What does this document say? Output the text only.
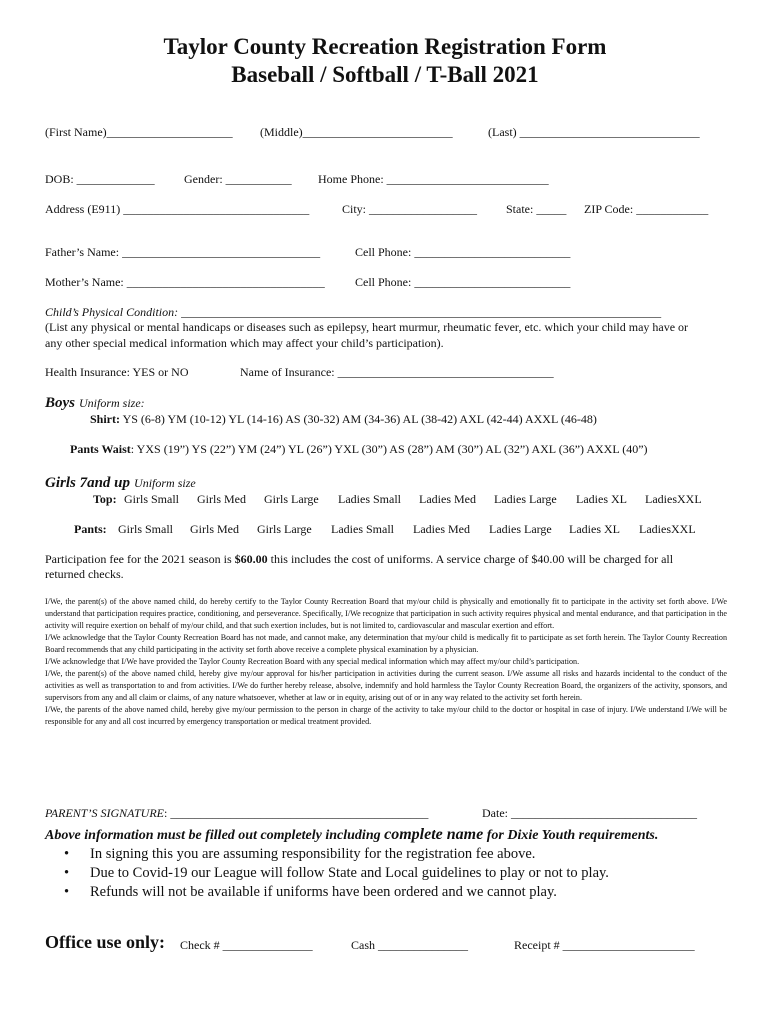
Taylor County Recreation Registration Form
Baseball / Softball / T-Ball 2021
(First Name)_____________________ (Middle)_________________________	(Last) ______________________________
DOB: _____________ Gender: ___________ Home Phone: ___________________________
Address (E911) _______________________________	City: __________________ State: _____ ZIP Code: ____________
Father’s Name: _________________________________	Cell Phone: __________________________
Mother’s Name: _________________________________	Cell Phone: __________________________
Child’s Physical Condition: ________________________________________________________________________________
(List any physical or mental handicaps or diseases such as epilepsy, heart murmur, rheumatic fever, etc. which your child may have or
any other special medical information which may affect your child’s participation).
Health Insurance: YES or NO	Name of Insurance: ____________________________________
Boys Uniform size:
Shirt: YS (6-8) YM (10-12) YL (14-16) AS (30-32) AM (34-36) AL (38-42) AXL (42-44) AXXL (46-48)
Pants Waist: YXS (19”) YS (22”) YM (24”) YL (26”) YXL (30”) AS (28”) AM (30”) AL (32”) AXL (36”) AXXL (40”)
Girls 7and up Uniform size
Top: Girls Small Girls Med Girls Large Ladies Small Ladies Med Ladies Large Ladies XL LadiesXXL
Pants: Girls Small Girls Med Girls Large Ladies Small Ladies Med Ladies Large Ladies XL LadiesXXL
Participation fee for the 2021 season is $60.00 this includes the cost of uniforms. A service charge of $40.00 will be charged for all
returned checks.

I/We, the parent(s) of the above named child, do hereby certify to the Taylor County Recreation Board that my/our child is physically and emotionally fit to participate in the activity set forth above. I/We understand that participation requires practice, conditioning, and perseverance. Specifically, I/We recognize that participation in such activity requires physical and mental endurance, and that participation in the activity will require exertion on behalf of my/our child, and that such exertion includes, but is not limited to, cardiovascular and mascular exertion and effort.

I/We acknowledge that the Taylor County Recreation Board has not made, and cannot make, any determination that my/our child is medically fit to participate as set forth herein. The Taylor County Recreation Board recommends that any child participating in the activity set forth above receive a complete physical examination by a physician.

I/We acknowledge that I/We have provided the Taylor County Recreation Board with any special medical information which may affect my/our child’s participation.

I/We, the parent(s) of the above named child, hereby give my/our approval for his/her participation in activities during the current season. I/We assume all risks and hazards incidental to the conduct of the activities as well as transportation to and from activities. I/We do further hereby release, absolve, indemnify and hold harmless the Taylor County Recreation Board, the organizers of the activity, sponsors, and supervisors from any and all claim or claims, of any nature whatsoever, whether at law or in equity, arising out of or in any way related to the activity set forth herein.

I/We, the parents of the above named child, hereby give my/our permission to the person in charge of the activity to take my/our child to the doctor or hospital in case of injury. I/We understand I/We will be responsible for any and all cost incurred by emergency transportation or medical treatment provided.

PARENT’S SIGNATURE: ___________________________________________	Date: _______________________________
Above information must be filled out completely including complete name for Dixie Youth requirements.
• In signing this you are assuming responsibility for the registration fee above.
• Due to Covid-19 our League will follow State and Local guidelines to play or not to play.
• Refunds will not be available if uniforms have been ordered and we cannot play.
Office use only: Check # _______________	Cash _______________	Receipt # ______________________
